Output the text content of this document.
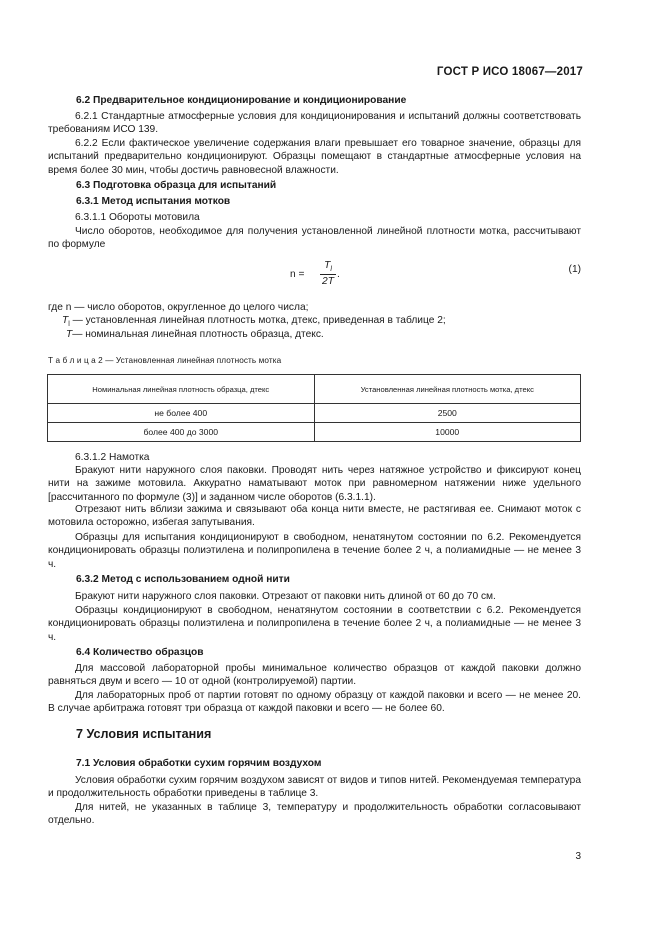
ГОСТ Р ИСО 18067—2017
6.2 Предварительное кондиционирование и кондиционирование
6.2.1 Стандартные атмосферные условия для кондиционирования и испытаний должны соответствовать требованиям ИСО 139.
6.2.2 Если фактическое увеличение содержания влаги превышает его товарное значение, образцы для испытаний предварительно кондиционируют. Образцы помещают в стандартные атмосферные условия на время более 30 мин, чтобы достичь равновесной влажности.
6.3 Подготовка образца для испытаний
6.3.1 Метод испытания мотков
6.3.1.1 Обороты мотовила
Число оборотов, необходимое для получения установленной линейной плотности мотка, рассчитывают по формуле
$n = \frac{T_l}{2T}$ .	(1)
где n — число оборотов, округленное до целого числа;
$T_l$ — установленная линейная плотность мотка, дтекс, приведенная в таблице 2;
T— номинальная линейная плотность образца, дтекс.
Т а б л и ц а 2 — Установленная линейная плотность мотка
Номинальная линейная плотность образца, дтекс	Установленная линейная плотность мотка, дтекс
не более 400	2500
более 400 до 3000	10000
6.3.1.2 Намотка
Бракуют нити наружного слоя паковки. Проводят нить через натяжное устройство и фиксируют конец нити на зажиме мотовила. Аккуратно наматывают моток при равномерном натяжении ниже удельного [рассчитанного по формуле (3)] и заданном числе оборотов (6.3.1.1).
Отрезают нить вблизи зажима и связывают оба конца нити вместе, не растягивая ее. Снимают моток с мотовила осторожно, избегая запутывания.
Образцы для испытания кондиционируют в свободном, ненатянутом состоянии по 6.2. Рекомендуется кондиционировать образцы полиэтилена и полипропилена в течение более 2 ч, а полиамидные — не менее 3 ч.
6.3.2 Метод с использованием одной нити
Бракуют нити наружного слоя паковки. Отрезают от паковки нить длиной от 60 до 70 см.
Образцы кондиционируют в свободном, ненатянутом состоянии в соответствии с 6.2. Рекомендуется кондиционировать образцы полиэтилена и полипропилена в течение более 2 ч, а полиамидные — не менее 3 ч.
6.4 Количество образцов
Для массовой лабораторной пробы минимальное количество образцов от каждой паковки должно равняться двум и всего — 10 от одной (контролируемой) партии.
Для лабораторных проб от партии готовят по одному образцу от каждой паковки и всего — не менее 20. В случае арбитража готовят три образца от каждой паковки и всего — не более 60.
7 Условия испытания
7.1 Условия обработки сухим горячим воздухом
Условия обработки сухим горячим воздухом зависят от видов и типов нитей. Рекомендуемая температура и продолжительность обработки приведены в таблице 3.
Для нитей, не указанных в таблице 3, температуру и продолжительность обработки согласовывают отдельно.
3
